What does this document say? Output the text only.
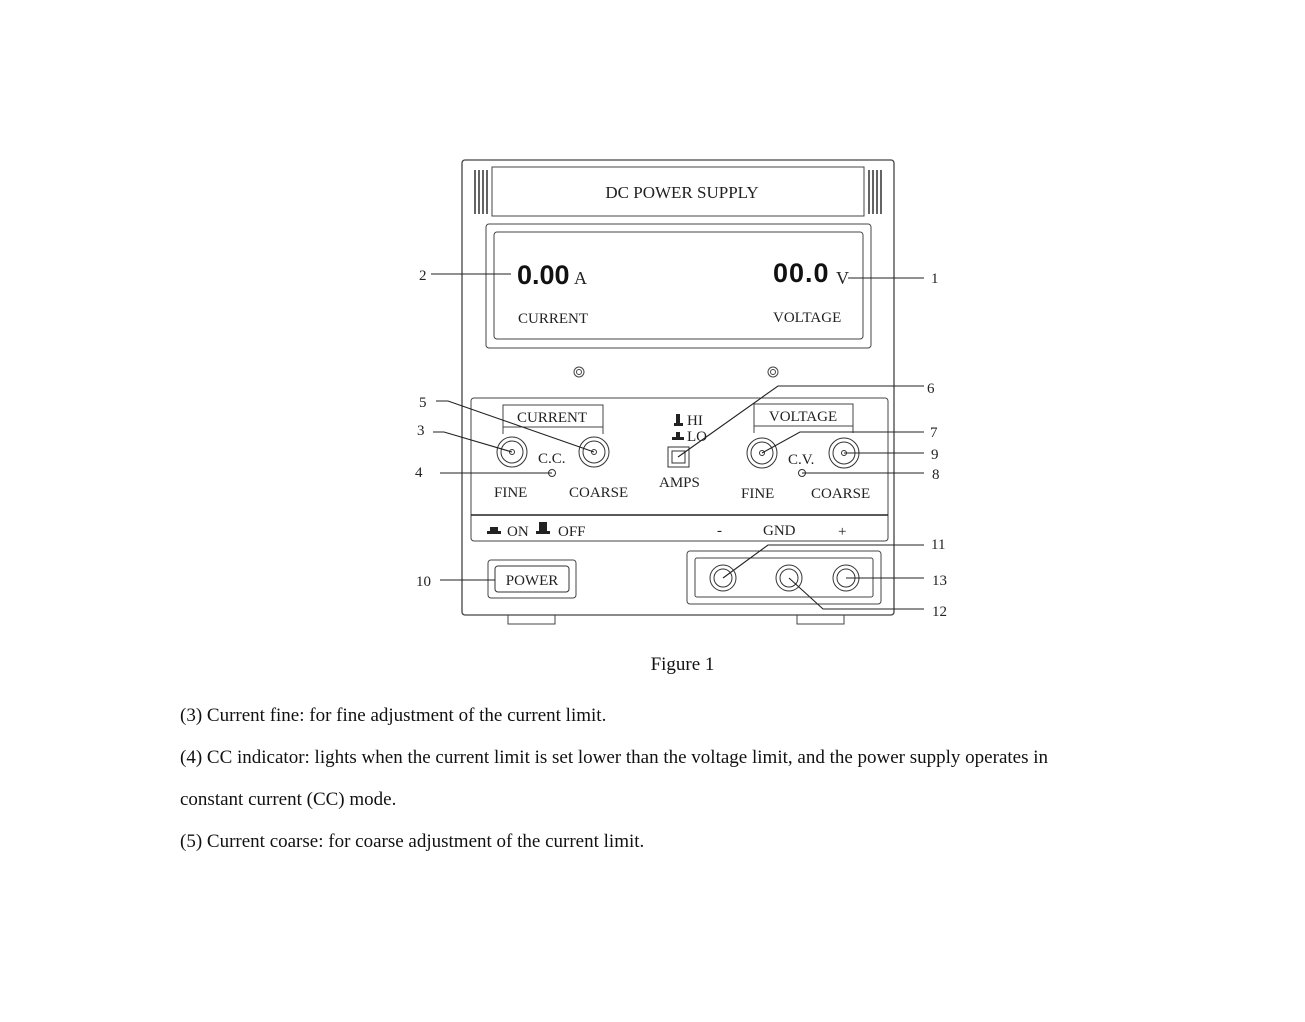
DC POWER SUPPLY
0.00 A
CURRENT
00.0 V
VOLTAGE
CURRENT	VOLTAGE
C.C.	C.V.
FINE	COARSE	FINE COARSE
HI
LO
AMPS
ON OFF	-	GND	+
POWER
1
2
3
4
5
6
7
8
9
10
11
12
13
Figure 1
(3) Current fine: for fine adjustment of the current limit.
(4) CC indicator: lights when the current limit is set lower than the voltage limit, and the power supply operates in
constant current (CC) mode.
(5) Current coarse: for coarse adjustment of the current limit.
